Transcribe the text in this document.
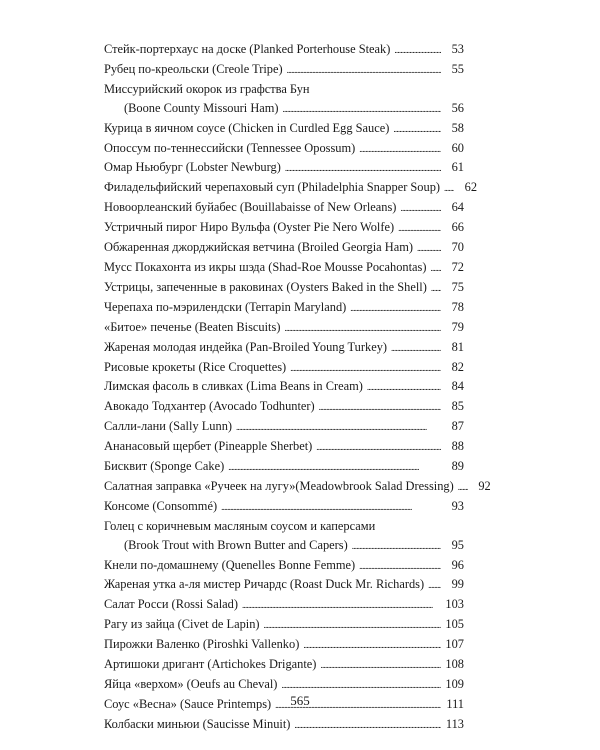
Стейк-портерхаус на доске (Planked Porterhouse Steak) . . .	53
Рубец по-креольски (Creole Tripe) . . .	55
Миссурийский окорок из графства Бун
(Boone County Missouri Ham) . . .	56
Курица в яичном соусе (Chicken in Curdled Egg Sauce) . . .	58
Опоссум по-теннессийски (Tennessee Opossum) . . .	60
Омар Ньюбург (Lobster Newburg) . . .	61
Филадельфийский черепаховый суп (Philadelphia Snapper Soup) . . .	62
Новоорлеанский буйабес (Bouillabaisse of New Orleans) . . .	64
Устричный пирог Ниро Вульфа (Oyster Pie Nero Wolfe) . . .	66
Обжаренная джорджийская ветчина (Broiled Georgia Ham) . . .	70
Мусс Покахонта из икры шэда (Shad-Roe Mousse Pocahontas) . . .	72
Устрицы, запеченные в раковинах (Oysters Baked in the Shell) . . .	75
Черепаха по-мэрилендски (Terrapin Maryland) . . .	78
«Битое» печенье (Beaten Biscuits) . . .	79
Жареная молодая индейка (Pan-Broiled Young Turkey) . . .	81
Рисовые крокеты (Rice Croquettes) . . .	82
Лимская фасоль в сливках (Lima Beans in Cream) . . .	84
Авокадо Тодхантер (Avocado Todhunter) . . .	85
Салли-лани (Sally Lunn) . . .	87
Ананасовый щербет (Pineapple Sherbet) . . .	88
Бисквит (Sponge Cake) . . .	89
Салатная заправка «Ручеек на лугу»(Meadowbrook Salad Dressing) . . .	92
Консоме (Consommé) . . .	93
Голец с коричневым масляным соусом и каперсами
(Brook Trout with Brown Butter and Capers) . . .	95
Кнели по-домашнему (Quenelles Bonne Femme) . . .	96
Жареная утка а-ля мистер Ричардс (Roast Duck Mr. Richards) . . .	99
Салат Росси (Rossi Salad) . . .	103
Рагу из зайца (Civet de Lapin) . . .	105
Пирожки Валенко (Piroshki Vallenko) . . .	107
Артишоки дригант (Artichokes Drigante) . . .	108
Яйца «верхом» (Oeufs au Cheval) . . .	109
Соус «Весна» (Sauce Printemps) . . .	111
Колбаски миньюи (Saucisse Minuit) . . .	113
565
